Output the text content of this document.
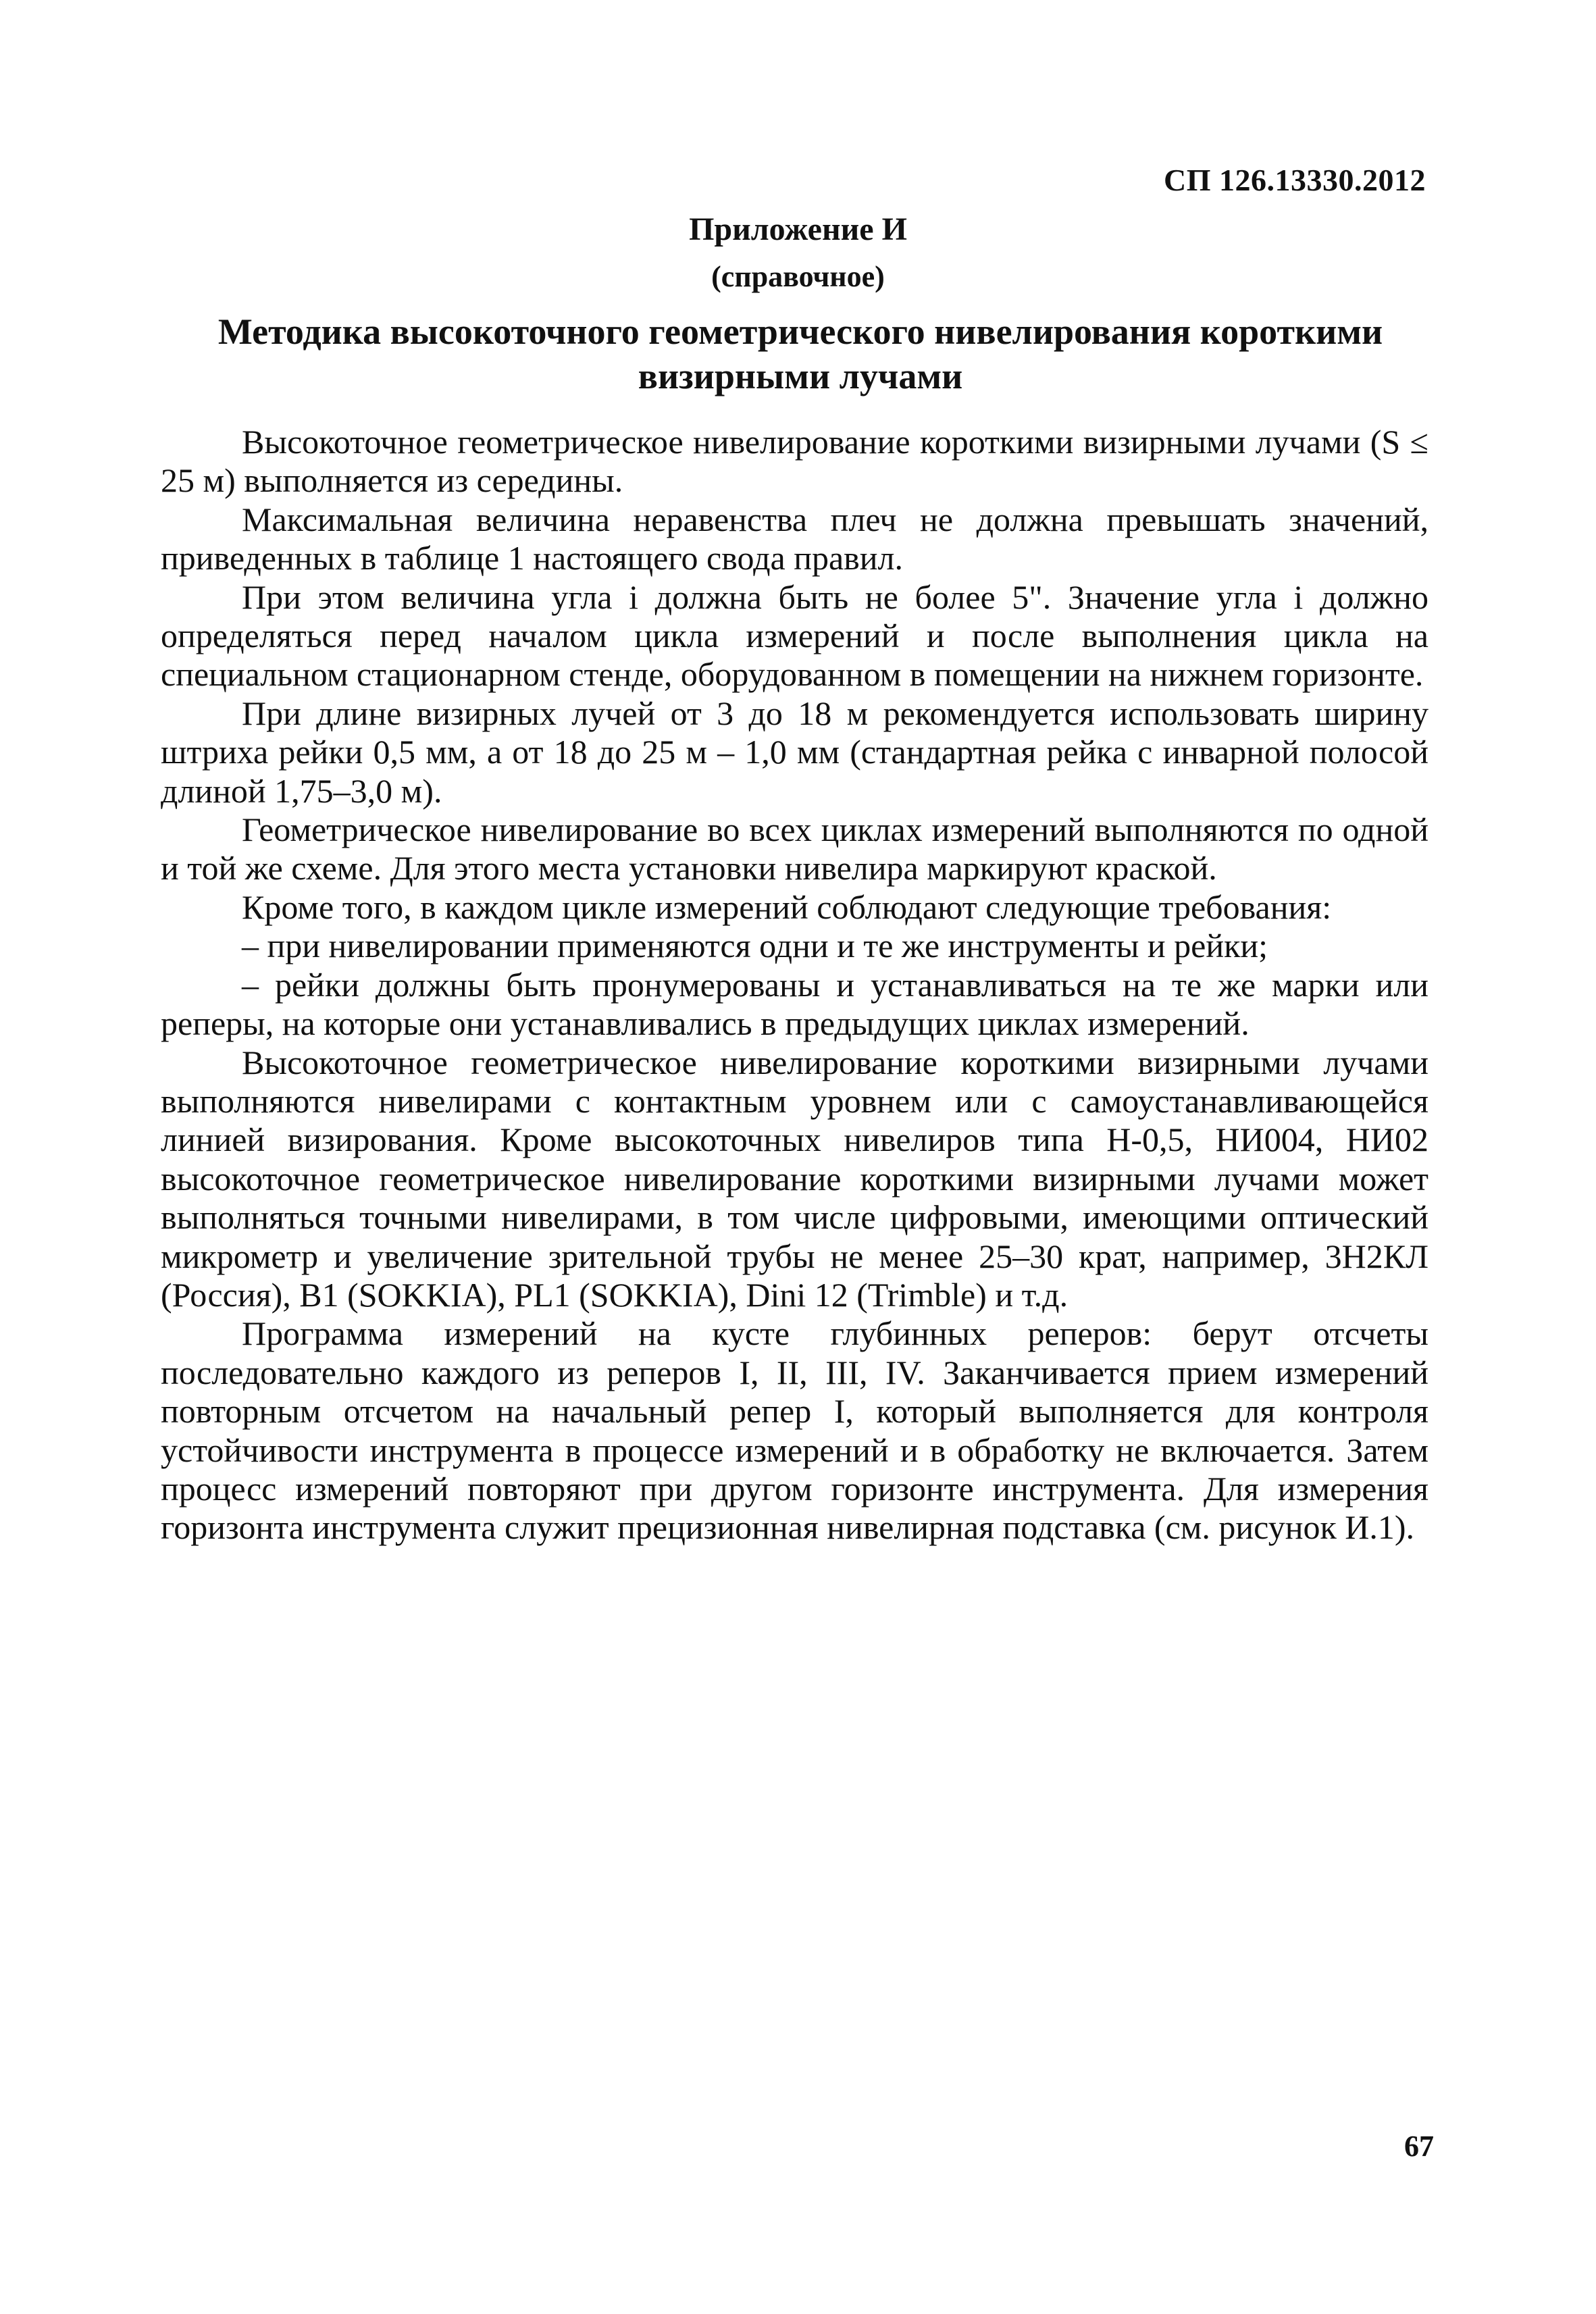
СП 126.13330.2012
Приложение И
(справочное)
Методика высокоточного геометрического нивелирования короткими визирными лучами

Высокоточное геометрическое нивелирование короткими визирными лучами (S ≤ 25 м) выполняется из середины.

Максимальная величина неравенства плеч не должна превышать значений, приведенных в таблице 1 настоящего свода правил.

При этом величина угла i должна быть не более 5". Значение угла i должно определяться перед началом цикла измерений и после выполнения цикла на специальном стационарном стенде, оборудованном в помещении на нижнем горизонте.

При длине визирных лучей от 3 до 18 м рекомендуется использовать ширину штриха рейки 0,5 мм, а от 18 до 25 м – 1,0 мм (стандартная рейка с инварной полосой длиной 1,75–3,0 м).

Геометрическое нивелирование во всех циклах измерений выполняются по одной и той же схеме. Для этого места установки нивелира маркируют краской.

Кроме того, в каждом цикле измерений соблюдают следующие требования:

– при нивелировании применяются одни и те же инструменты и рейки;

– рейки должны быть пронумерованы и устанавливаться на те же марки или реперы, на которые они устанавливались в предыдущих циклах измерений.

Высокоточное геометрическое нивелирование короткими визирными лучами выполняются нивелирами с контактным уровнем или с самоустанавливающейся линией визирования. Кроме высокоточных нивелиров типа Н-0,5, НИ004, НИ02 высокоточное геометрическое нивелирование короткими визирными лучами может выполняться точными нивелирами, в том числе цифровыми, имеющими оптический микрометр и увеличение зрительной трубы не менее 25–30 крат, например, 3Н2КЛ (Россия), В1 (SOKKIA), PL1 (SOKKIA), Dini 12 (Trimble) и т.д.

Программа измерений на кусте глубинных реперов: берут отсчеты последовательно каждого из реперов I, II, III, IV. Заканчивается прием измерений повторным отсчетом на начальный репер I, который выполняется для контроля устойчивости инструмента в процессе измерений и в обработку не включается. Затем процесс измерений повторяют при другом горизонте инструмента. Для измерения горизонта инструмента служит прецизионная нивелирная подставка (см. рисунок И.1).

67
